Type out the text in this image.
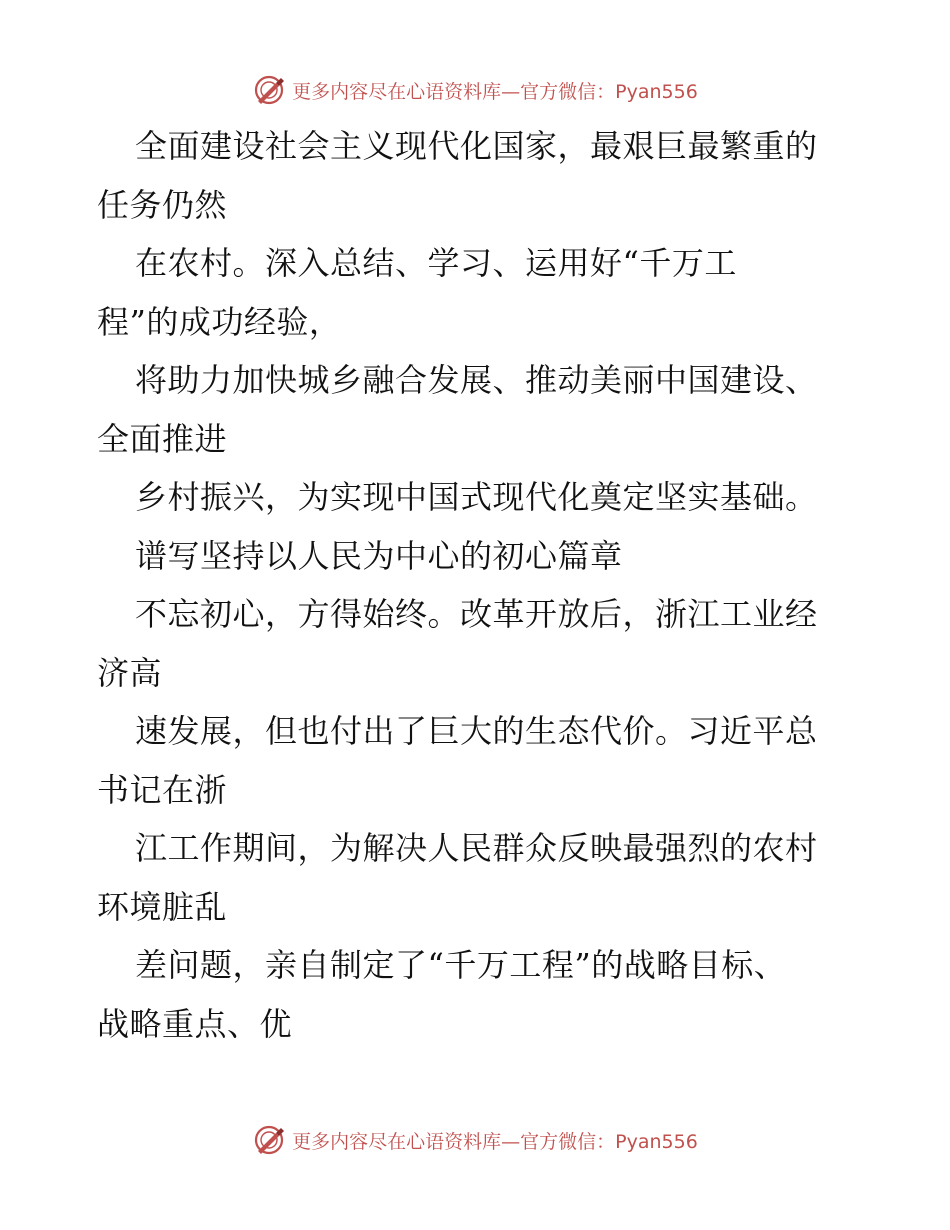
更多内容尽在心语资料库—官方微信：Pyan556
全面建设社会主义现代化国家，最艰巨最繁重的
任务仍然
在农村。深入总结、学习、运用好“千万工
程”的成功经验，
将助力加快城乡融合发展、推动美丽中国建设、
全面推进
乡村振兴，为实现中国式现代化奠定坚实基础。
谱写坚持以人民为中心的初心篇章
不忘初心，方得始终。改革开放后，浙江工业经
济高
速发展，但也付出了巨大的生态代价。习近平总
书记在浙
江工作期间，为解决人民群众反映最强烈的农村
环境脏乱
差问题，亲自制定了“千万工程”的战略目标、
战略重点、优
更多内容尽在心语资料库—官方微信：Pyan556
